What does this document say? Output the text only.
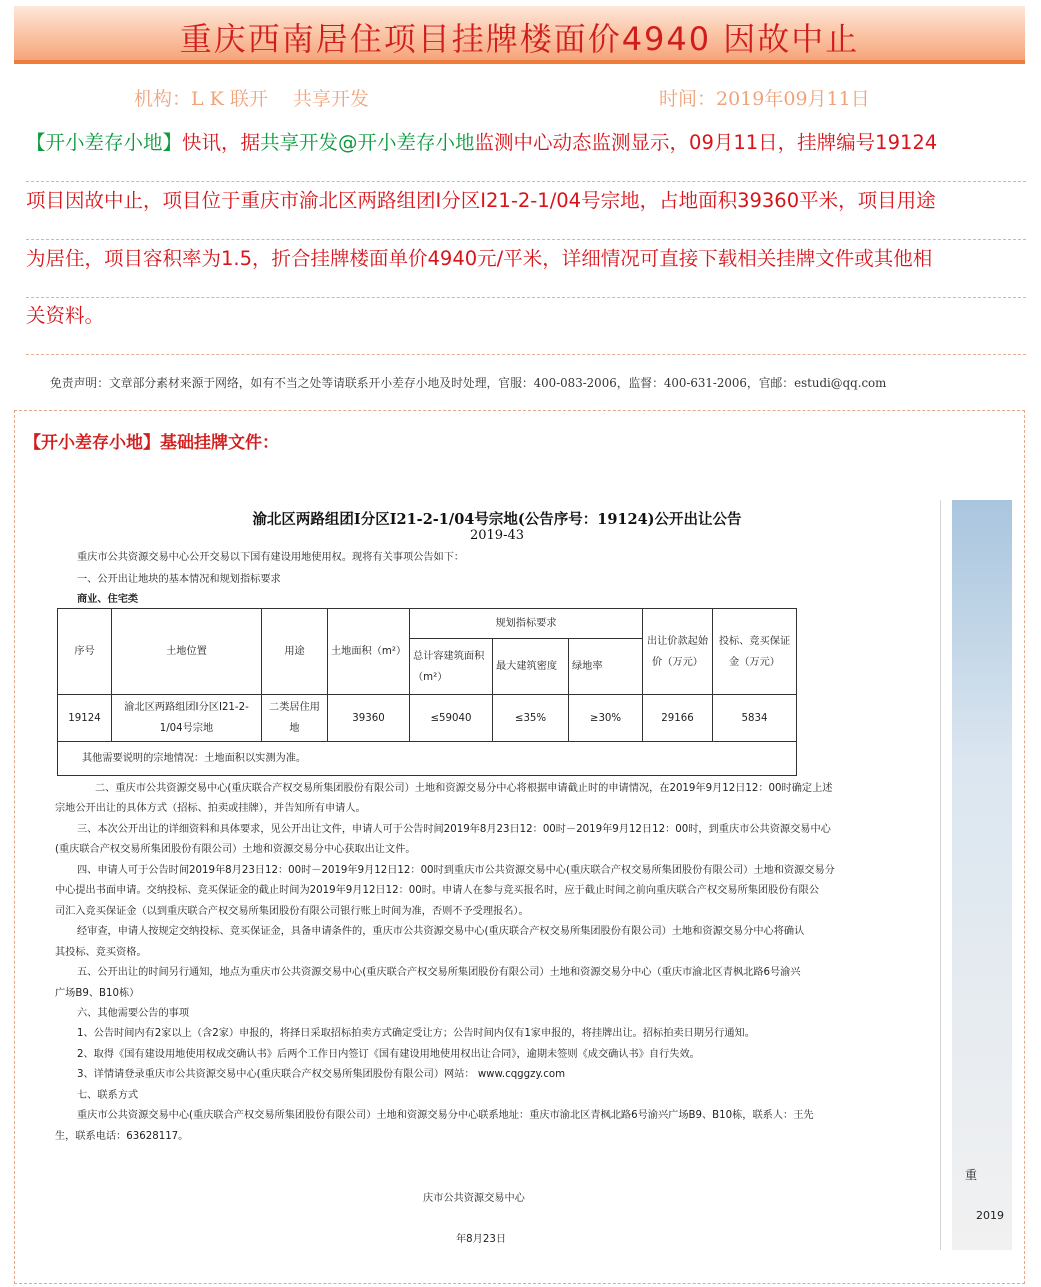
重庆西南居住项目挂牌楼面价4940 因故中止
机构：L K 联开　 共享开发	时间：2019年09月11日
【开小差存小地】快讯，据共享开发@开小差存小地监测中心动态监测显示，09月11日，挂牌编号19124
项目因故中止，项目位于重庆市渝北区两路组团I分区I21-2-1/04号宗地，占地面积39360平米，项目用途
为居住，项目容积率为1.5，折合挂牌楼面单价4940元/平米，详细情况可直接下载相关挂牌文件或其他相
关资料。
免责声明：文章部分素材来源于网络，如有不当之处等请联系开小差存小地及时处理，官服：400-083-2006，监督：400-631-2006，官邮：estudi@qq.com
【开小差存小地】基础挂牌文件：
重
2019
渝北区两路组团I分区I21-2-1/04号宗地(公告序号：19124)公开出让公告
2019-43
重庆市公共资源交易中心公开交易以下国有建设用地使用权。现将有关事项公告如下：
一、公开出让地块的基本情况和规划指标要求
商业、住宅类
序号	土地位置	用途	土地面积（m²）	规划指标要求			出让价款起始价（万元）	投标、竞买保证金（万元）
				总计容建筑面积（m²）	最大建筑密度	绿地率		
19124	渝北区两路组团I分区I21-2-1/04号宗地	二类居住用地	39360	≤59040	≤35%	≥30%	29166	5834
其他需要说明的宗地情况：土地面积以实测为准。								
二、重庆市公共资源交易中心(重庆联合产权交易所集团股份有限公司）土地和资源交易分中心将根据申请截止时的申请情况，在2019年9月12日12：00时确定上述
宗地公开出让的具体方式（招标、拍卖或挂牌），并告知所有申请人。
三、本次公开出让的详细资料和具体要求，见公开出让文件，申请人可于公告时间2019年8月23日12：00时－2019年9月12日12：00时，到重庆市公共资源交易中心
(重庆联合产权交易所集团股份有限公司）土地和资源交易分中心获取出让文件。
四、申请人可于公告时间2019年8月23日12：00时－2019年9月12日12：00时到重庆市公共资源交易中心(重庆联合产权交易所集团股份有限公司）土地和资源交易分
中心提出书面申请。交纳投标、竞买保证金的截止时间为2019年9月12日12：00时。申请人在参与竞买报名时，应于截止时间之前向重庆联合产权交易所集团股份有限公
司汇入竞买保证金（以到重庆联合产权交易所集团股份有限公司银行账上时间为准，否则不予受理报名）。
经审查，申请人按规定交纳投标、竞买保证金，具备申请条件的，重庆市公共资源交易中心(重庆联合产权交易所集团股份有限公司）土地和资源交易分中心将确认
其投标、竞买资格。
五、公开出让的时间另行通知，地点为重庆市公共资源交易中心(重庆联合产权交易所集团股份有限公司）土地和资源交易分中心（重庆市渝北区青枫北路6号渝兴
广场B9、B10栋）
六、其他需要公告的事项
1、公告时间内有2家以上（含2家）申报的，将择日采取招标拍卖方式确定受让方；公告时间内仅有1家申报的，将挂牌出让。招标拍卖日期另行通知。
2、取得《国有建设用地使用权成交确认书》后两个工作日内签订《国有建设用地使用权出让合同》，逾期未签则《成交确认书》自行失效。
3、详情请登录重庆市公共资源交易中心(重庆联合产权交易所集团股份有限公司）网站： www.cqggzy.com
七、联系方式
重庆市公共资源交易中心(重庆联合产权交易所集团股份有限公司）土地和资源交易分中心联系地址：重庆市渝北区青枫北路6号渝兴广场B9、B10栋，联系人：王先
生，联系电话：63628117。
庆市公共资源交易中心
年8月23日
